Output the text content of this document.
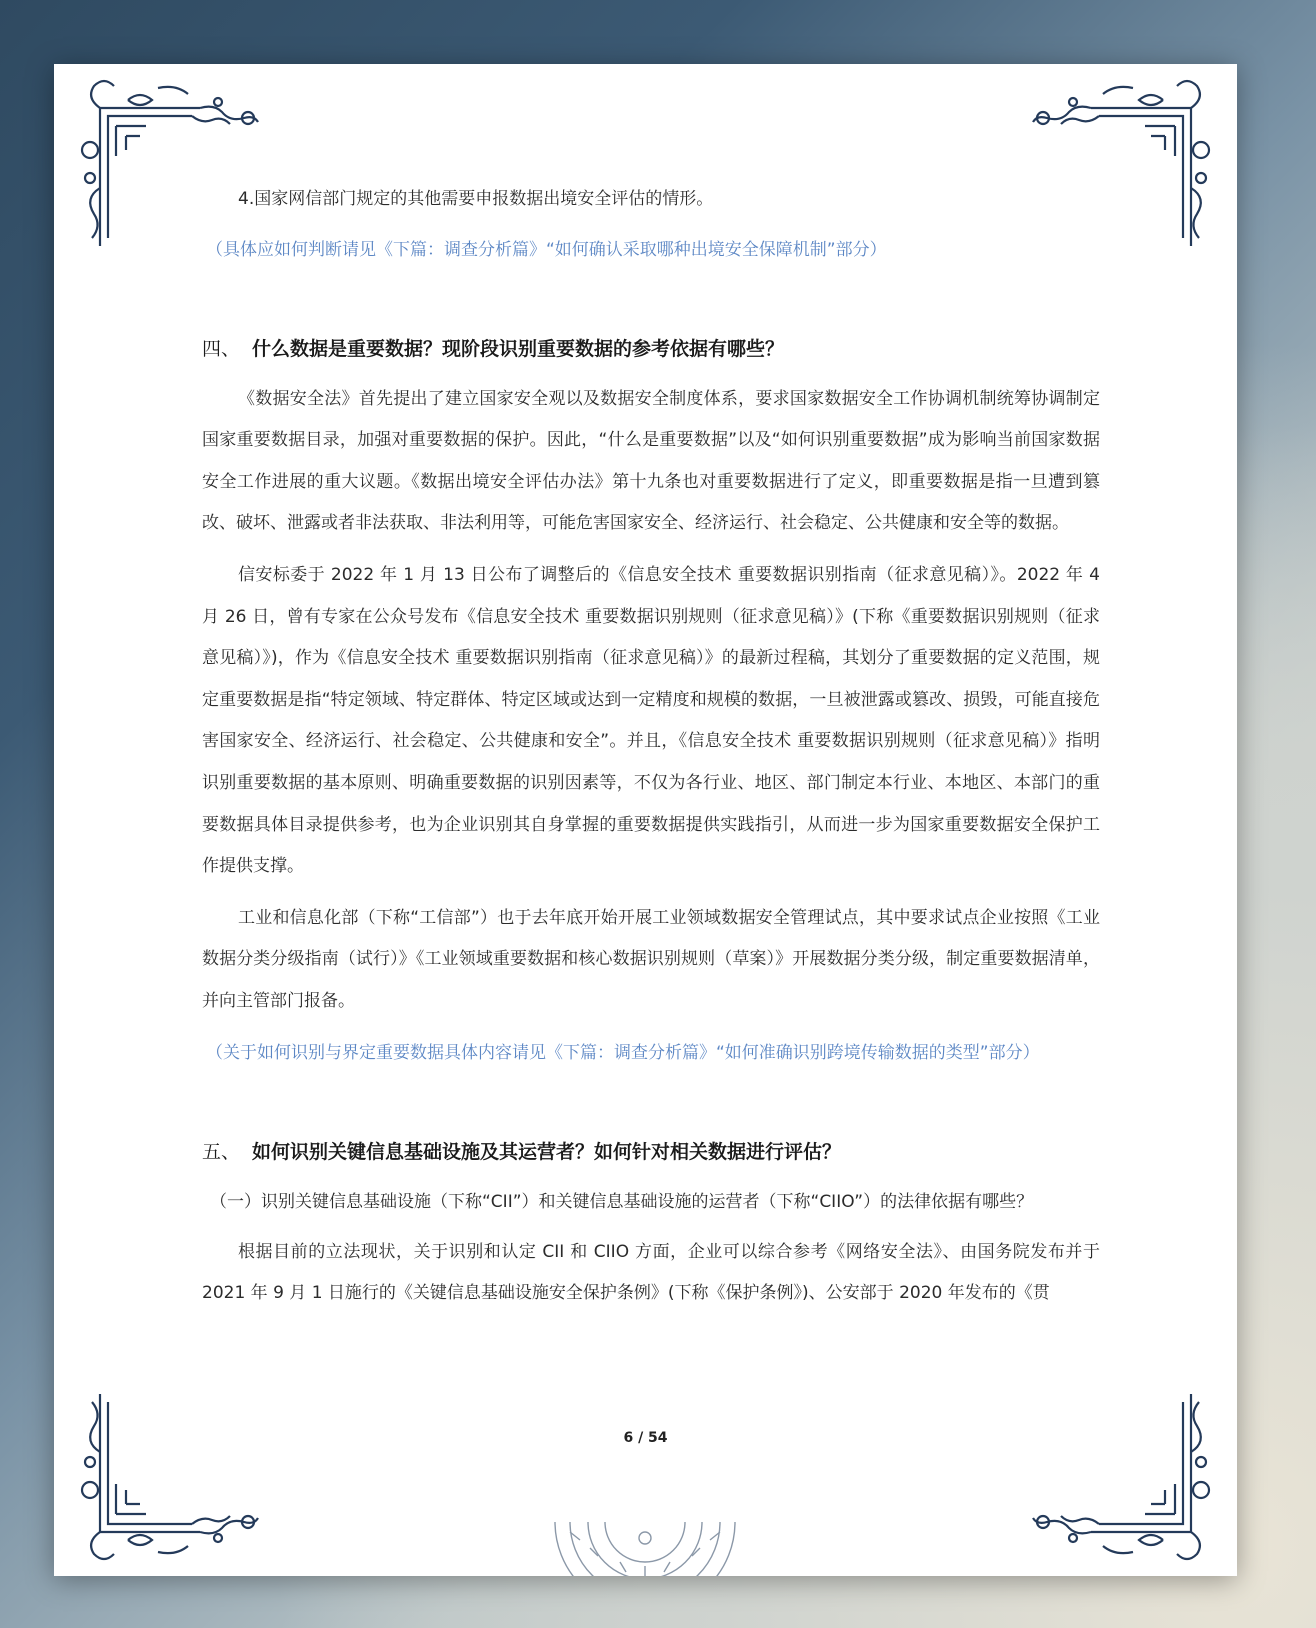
4.国家网信部门规定的其他需要申报数据出境安全评估的情形。

（具体应如何判断请见《下篇：调查分析篇》“如何确认采取哪种出境安全保障机制”部分）

四、 什么数据是重要数据？现阶段识别重要数据的参考依据有哪些？

《数据安全法》首先提出了建立国家安全观以及数据安全制度体系，要求国家数据安全工作协调机制统筹协调制定国家重要数据目录，加强对重要数据的保护。因此，“什么是重要数据”以及“如何识别重要数据”成为影响当前国家数据安全工作进展的重大议题。《数据出境安全评估办法》第十九条也对重要数据进行了定义，即重要数据是指一旦遭到篡改、破坏、泄露或者非法获取、非法利用等，可能危害国家安全、经济运行、社会稳定、公共健康和安全等的数据。

信安标委于 2022 年 1 月 13 日公布了调整后的《信息安全技术 重要数据识别指南（征求意见稿）》。2022 年 4 月 26 日，曾有专家在公众号发布《信息安全技术 重要数据识别规则（征求意见稿）》(下称《重要数据识别规则（征求意见稿）》)，作为《信息安全技术 重要数据识别指南（征求意见稿）》的最新过程稿，其划分了重要数据的定义范围，规定重要数据是指“特定领域、特定群体、特定区域或达到一定精度和规模的数据，一旦被泄露或篡改、损毁，可能直接危害国家安全、经济运行、社会稳定、公共健康和安全”。并且，《信息安全技术 重要数据识别规则（征求意见稿）》指明识别重要数据的基本原则、明确重要数据的识别因素等，不仅为各行业、地区、部门制定本行业、本地区、本部门的重要数据具体目录提供参考，也为企业识别其自身掌握的重要数据提供实践指引，从而进一步为国家重要数据安全保护工作提供支撑。

工业和信息化部（下称“工信部”）也于去年底开始开展工业领域数据安全管理试点，其中要求试点企业按照《工业数据分类分级指南（试行）》《工业领域重要数据和核心数据识别规则（草案）》开展数据分类分级，制定重要数据清单，并向主管部门报备。

（关于如何识别与界定重要数据具体内容请见《下篇：调查分析篇》“如何准确识别跨境传输数据的类型”部分）

五、 如何识别关键信息基础设施及其运营者？如何针对相关数据进行评估？

（一）识别关键信息基础设施（下称“CII”）和关键信息基础设施的运营者（下称“CIIO”）的法律依据有哪些？

根据目前的立法现状，关于识别和认定 CII 和 CIIO 方面，企业可以综合参考《网络安全法》、由国务院发布并于 2021 年 9 月 1 日施行的《关键信息基础设施安全保护条例》(下称《保护条例》)、公安部于 2020 年发布的《贯

6 / 54
